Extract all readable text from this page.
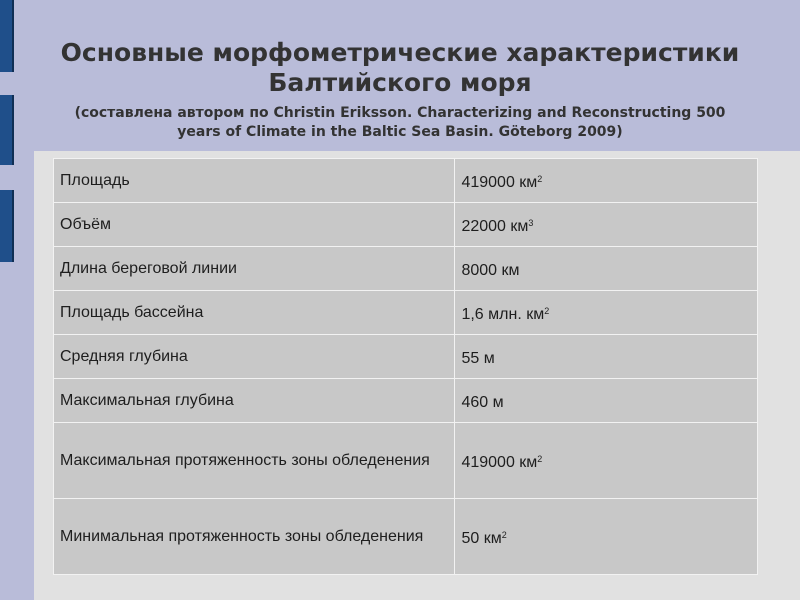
Основные морфометрические характеристики
Балтийского моря
(составлена автором по Christin Eriksson. Characterizing and Reconstructing 500
years of Climate in the Baltic Sea Basin. Göteborg 2009)
Площадь	419000 $км^2$
Объём	22000 $км^3$
Длина береговой линии	8000 км
Площадь бассейна	1,6 млн. $км^2$
Средняя глубина	55 м
Максимальная глубина	460 м
Максимальная протяженность зоны обледенения	419000 $км^2$
Минимальная протяженность зоны обледенения	50 $км^2$
